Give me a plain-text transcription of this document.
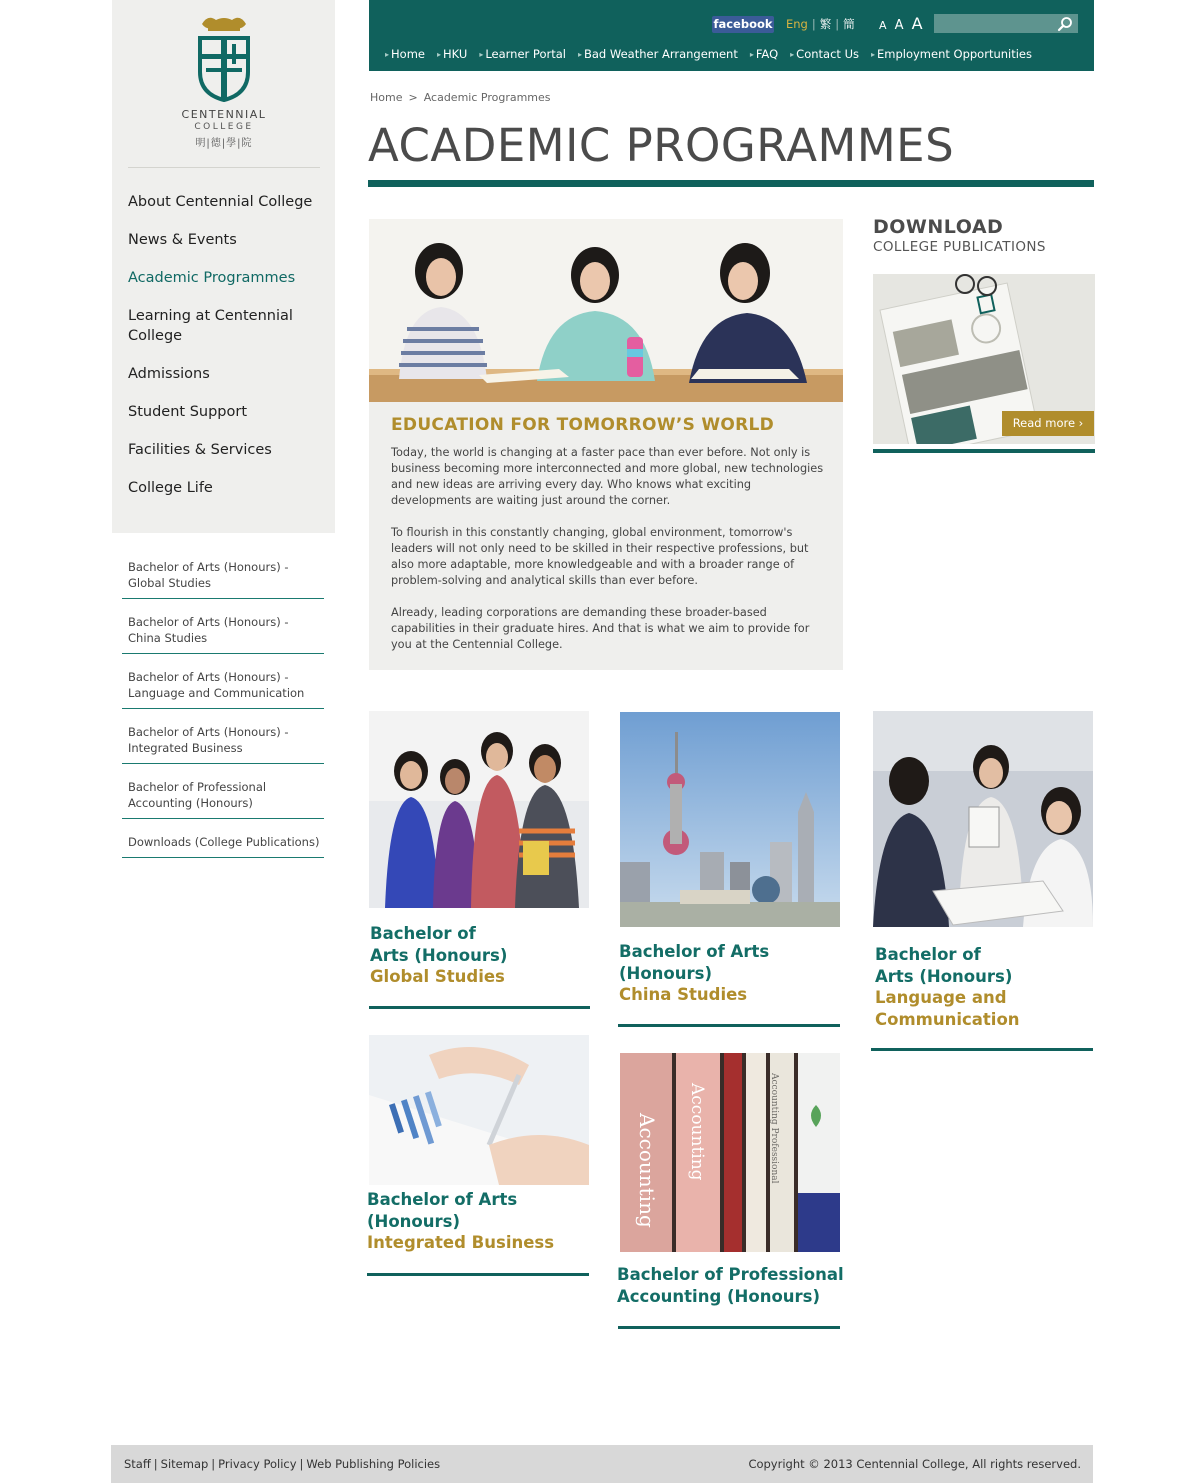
CENTENNIAL
COLLEGE
明|德|學|院
About Centennial College
News & Events
Academic Programmes
Learning at Centennial College
Admissions
Student Support
Facilities & Services
College Life
Bachelor of Arts (Honours) - Global Studies
Bachelor of Arts (Honours) - China Studies
Bachelor of Arts (Honours) - Language and Communication
Bachelor of Arts (Honours) - Integrated Business
Bachelor of Professional Accounting (Honours)
Downloads (College Publications)
facebook Eng | 繁 | 簡 A A A
▸ Home ▸ HKU ▸ Learner Portal ▸ Bad Weather Arrangement ▸ FAQ ▸ Contact Us ▸ Employment Opportunities
Home > Academic Programmes
ACADEMIC PROGRAMMES
EDUCATION FOR TOMORROW’S WORLD

Today, the world is changing at a faster pace than ever before. Not only is business becoming more interconnected and more global, new technologies and new ideas are arriving every day. Who knows what exciting developments are waiting just around the corner.

To flourish in this constantly changing, global environment, tomorrow's leaders will not only need to be skilled in their respective professions, but also more adaptable, more knowledgeable and with a broader range of problem-solving and analytical skills than ever before.

Already, leading corporations are demanding these broader-based capabilities in their graduate hires. And that is what we aim to provide for you at the Centennial College.

DOWNLOAD
COLLEGE PUBLICATIONS
Read more ›
Bachelor of
Arts (Honours)
Global Studies
Bachelor of Arts
(Honours)
China Studies
Bachelor of
Arts (Honours)
Language and Communication
Bachelor of Arts
(Honours)
Integrated Business
Accounting Accounting	Accounting Professional
Bachelor of Professional
Accounting (Honours)
Staff | Sitemap | Privacy Policy | Web Publishing Policies	Copyright © 2013 Centennial College, All rights reserved.
